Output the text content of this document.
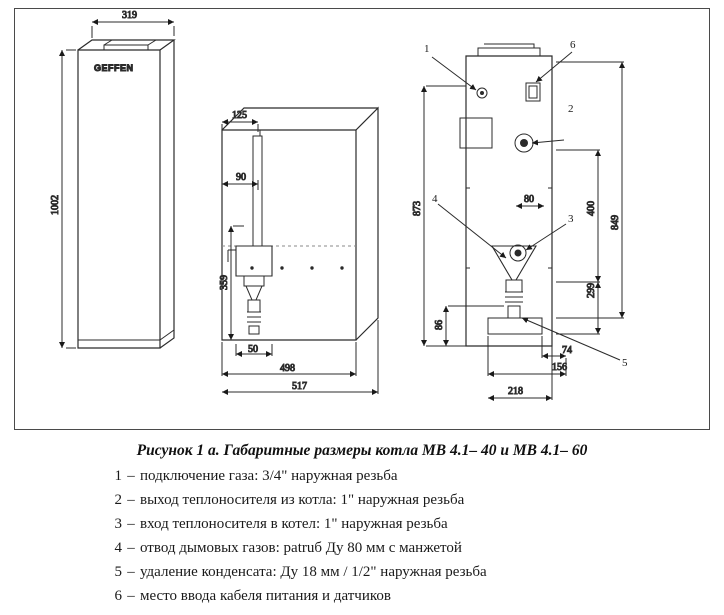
GEFFEN
319
1002
125
90
359
50
498
517
873
80
400
849
299
86
74
156
218
1
2
3
4
5
6
Рисунок 1 а. Габаритные размеры котла МВ 4.1– 40 и МВ 4.1– 60
1 – подключение газа: 3/4" наружная резьба
2 – выход теплоносителя из котла: 1" наружная резьба
3 – вход теплоносителя в котел: 1" наружная резьба
4 – отвод дымовых газов: patruб Ду 80 мм с манжетой
5 – удаление конденсата: Ду 18 мм / 1/2" наружная резьба
6 – место ввода кабеля питания и датчиков
